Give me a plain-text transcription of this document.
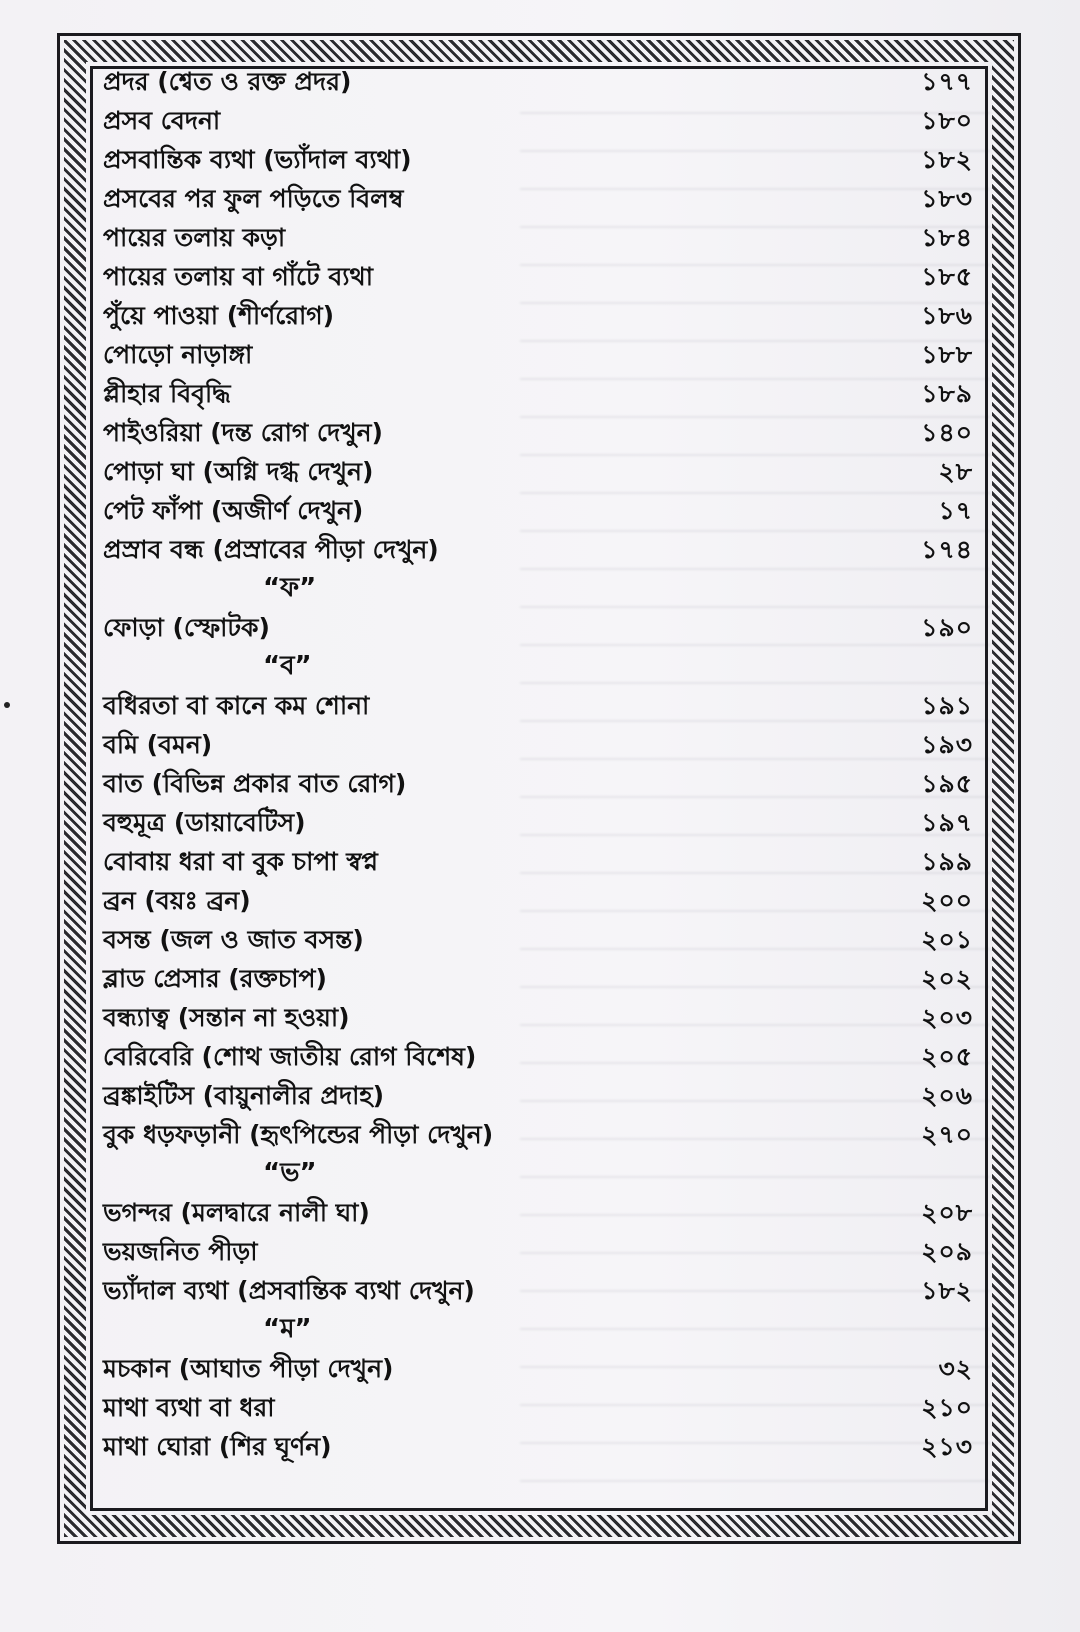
প্রদর (শ্বেত ও রক্ত প্রদর)	১৭৭
প্রসব বেদনা	১৮০
প্রসবান্তিক ব্যথা (ভ্যাঁদাল ব্যথা)	১৮২
প্রসবের পর ফুল পড়িতে বিলম্ব	১৮৩
পায়ের তলায় কড়া	১৮৪
পায়ের তলায় বা গাঁটে ব্যথা	১৮৫
পুঁয়ে পাওয়া (শীর্ণরোগ)	১৮৬
পোড়ো নাড়াঙ্গা	১৮৮
প্লীহার বিবৃদ্ধি	১৮৯
পাইওরিয়া (দন্ত রোগ দেখুন)	১৪০
পোড়া ঘা (অগ্নি দগ্ধ দেখুন)	২৮
পেট ফাঁপা (অজীর্ণ দেখুন)	১৭
প্রস্রাব বন্ধ (প্রস্রাবের পীড়া দেখুন)	১৭৪
“ফ”
ফোড়া (স্ফোটক)	১৯০
“ব”
বধিরতা বা কানে কম শোনা	১৯১
বমি (বমন)	১৯৩
বাত (বিভিন্ন প্রকার বাত রোগ)	১৯৫
বহুমূত্র (ডায়াবেটিস)	১৯৭
বোবায় ধরা বা বুক চাপা স্বপ্ন	১৯৯
ব্রন (বয়ঃ ব্রন)	২০০
বসন্ত (জল ও জাত বসন্ত)	২০১
ব্লাড প্রেসার (রক্তচাপ)	২০২
বন্ধ্যাত্ব (সন্তান না হওয়া)	২০৩
বেরিবেরি (শোথ জাতীয় রোগ বিশেষ)	২০৫
ব্রঙ্কাইটিস (বায়ুনালীর প্রদাহ)	২০৬
বুক ধড়ফড়ানী (হৃৎপিন্ডের পীড়া দেখুন)	২৭০
“ভ”
ভগন্দর (মলদ্বারে নালী ঘা)	২০৮
ভয়জনিত পীড়া	২০৯
ভ্যাঁদাল ব্যথা (প্রসবান্তিক ব্যথা দেখুন)	১৮২
“ম”
মচকান (আঘাত পীড়া দেখুন)	৩২
মাথা ব্যথা বা ধরা	২১০
মাথা ঘোরা (শির ঘূর্ণন)	২১৩
